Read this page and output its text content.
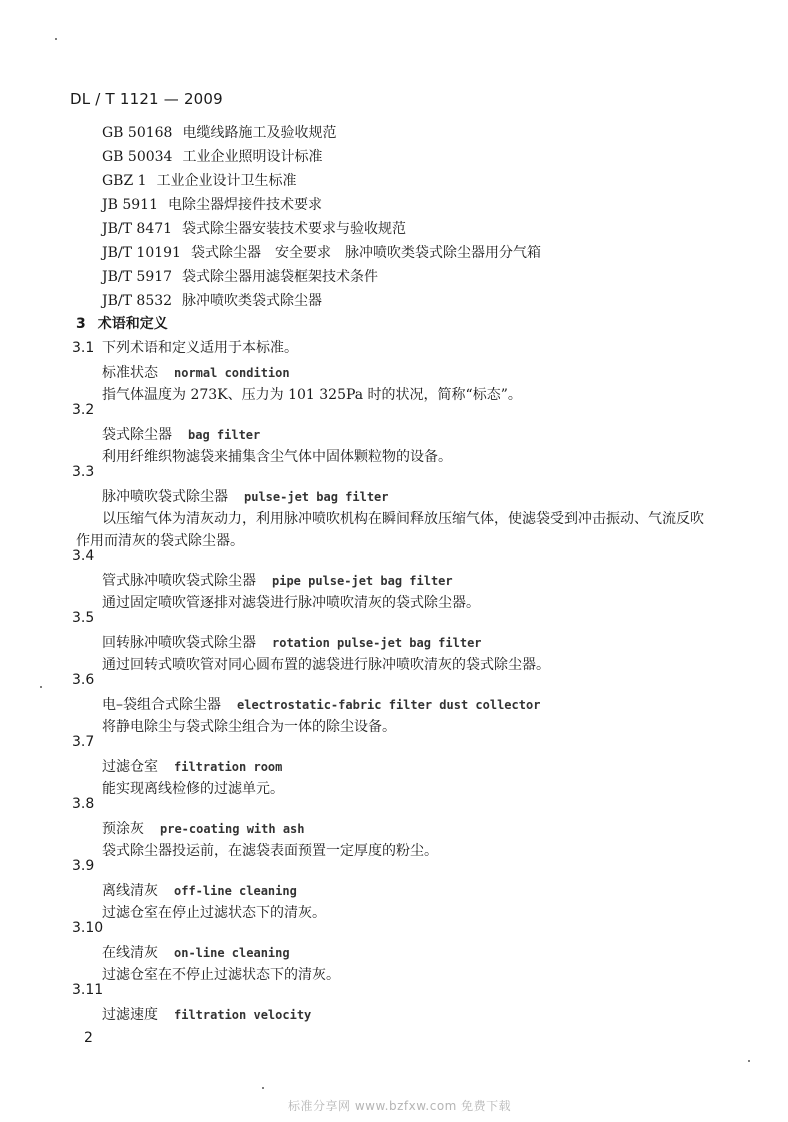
DL / T 1121 — 2009
GB 50168 电缆线路施工及验收规范
GB 50034 工业企业照明设计标准
GBZ 1 工业企业设计卫生标准
JB 5911 电除尘器焊接件技术要求
JB/T 8471 袋式除尘器安装技术要求与验收规范
JB/T 10191 袋式除尘器　安全要求　脉冲喷吹类袋式除尘器用分气箱
JB/T 5917 袋式除尘器用滤袋框架技术条件
JB/T 8532 脉冲喷吹类袋式除尘器
3 术语和定义
下列术语和定义适用于本标准。
3.1
标准状态 normal condition
指气体温度为 273K、压力为 101 325Pa 时的状况，简称“标态”。
3.2
袋式除尘器 bag filter
利用纤维织物滤袋来捕集含尘气体中固体颗粒物的设备。
3.3
脉冲喷吹袋式除尘器 pulse-jet bag filter
以压缩气体为清灰动力，利用脉冲喷吹机构在瞬间释放压缩气体，使滤袋受到冲击振动、气流反吹
作用而清灰的袋式除尘器。
3.4
管式脉冲喷吹袋式除尘器 pipe pulse-jet bag filter
通过固定喷吹管逐排对滤袋进行脉冲喷吹清灰的袋式除尘器。
3.5
回转脉冲喷吹袋式除尘器 rotation pulse-jet bag filter
通过回转式喷吹管对同心圆布置的滤袋进行脉冲喷吹清灰的袋式除尘器。
3.6
电–袋组合式除尘器 electrostatic-fabric filter dust collector
将静电除尘与袋式除尘组合为一体的除尘设备。
3.7
过滤仓室 filtration room
能实现离线检修的过滤单元。
3.8
预涂灰 pre-coating with ash
袋式除尘器投运前，在滤袋表面预置一定厚度的粉尘。
3.9
离线清灰 off-line cleaning
过滤仓室在停止过滤状态下的清灰。
3.10
在线清灰 on-line cleaning
过滤仓室在不停止过滤状态下的清灰。
3.11
过滤速度 filtration velocity
2
标准分享网 www.bzfxw.com 免费下载
